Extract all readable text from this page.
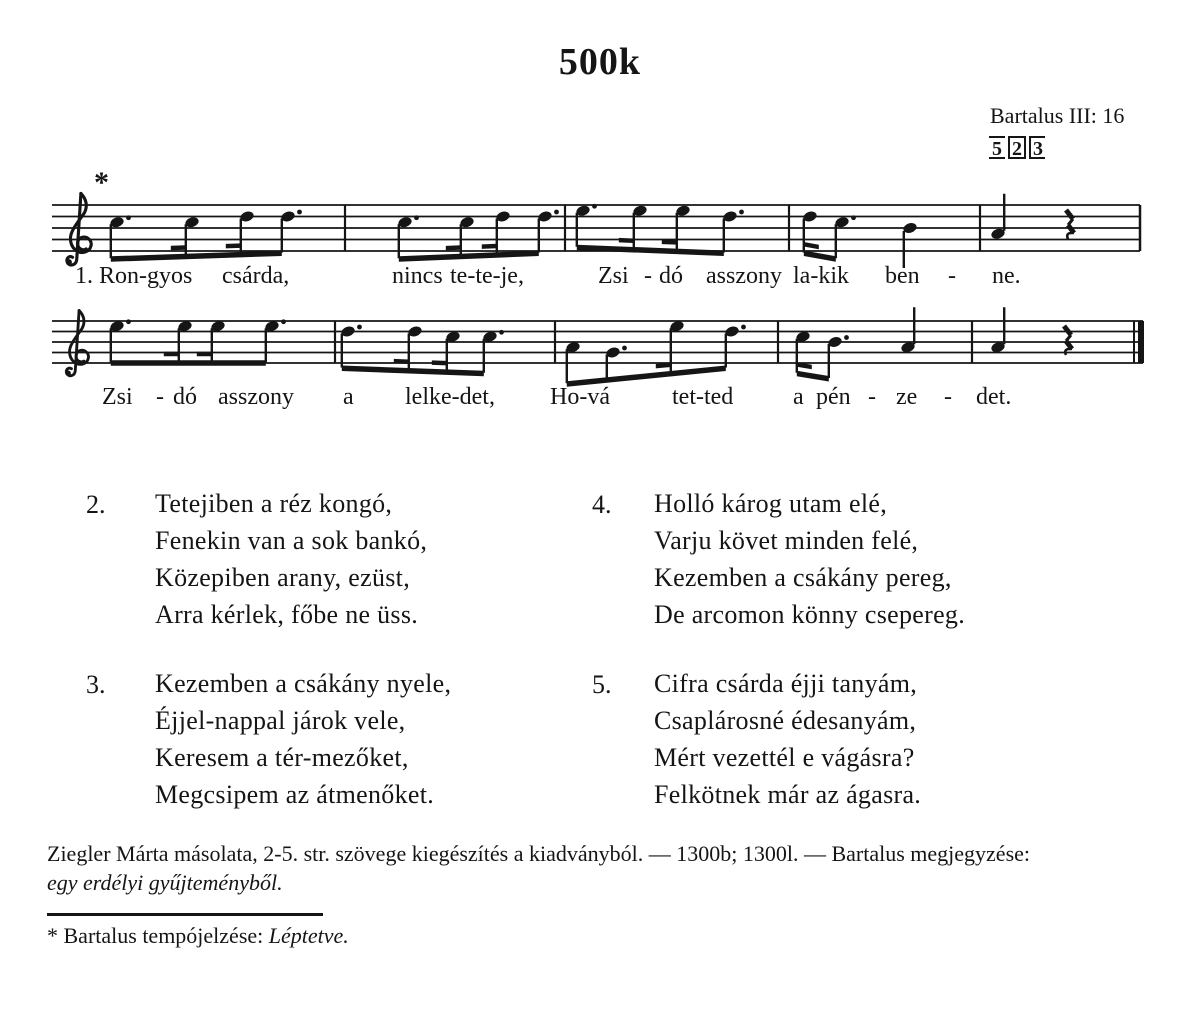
500k
Bartalus III: 16
5 2 3
*
1. Ron-gyos csárda,	nincs te-te-je,	Zsi - dó asszony la-kik ben - ne.
Zsi - dó asszony a lelke-det, Ho-vá	tet-ted a pén - ze - det.
2. Tetejiben a réz kongó,
Fenekin van a sok bankó,
Közepiben arany, ezüst,
Arra kérlek, főbe ne üss.
3. Kezemben a csákány nyele,
Éjjel-nappal járok vele,
Keresem a tér-mezőket,
Megcsipem az átmenőket.
4. Holló károg utam elé,
Varju követ minden felé,
Kezemben a csákány pereg,
De arcomon könny csepereg.
5. Cifra csárda éjji tanyám,
Csaplárosné édesanyám,
Mért vezettél e vágásra?
Felkötnek már az ágasra.
Ziegler Márta másolata, 2-5. str. szövege kiegészítés a kiadványból. — 1300b; 1300l. — Bartalus megjegyzése:
egy erdélyi gyűjteményből.
* Bartalus tempójelzése: Léptetve.
